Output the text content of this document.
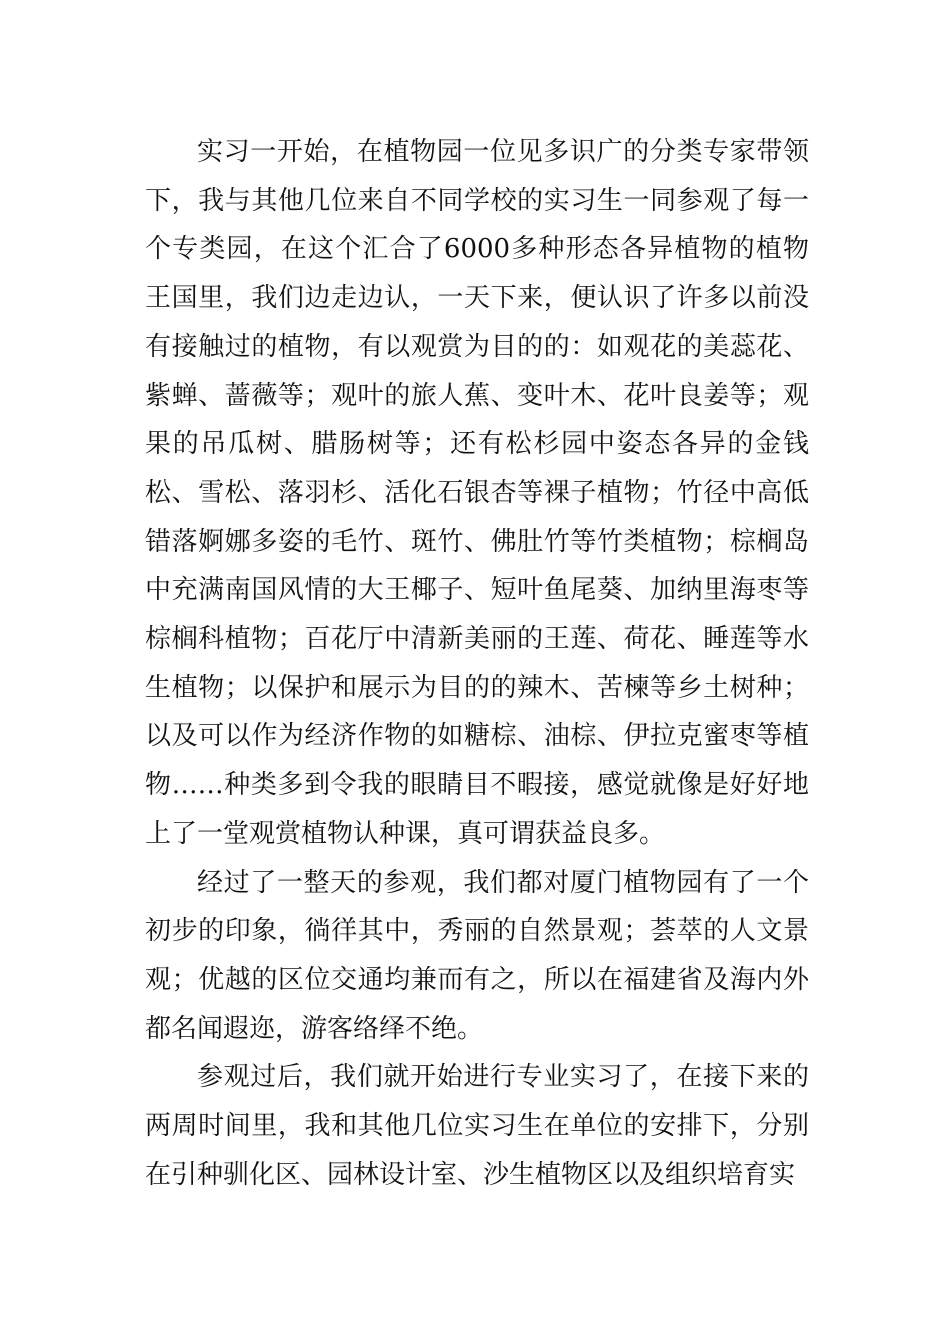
实习一开始，在植物园一位见多识广的分类专家带领下，我与其他几位来自不同学校的实习生一同参观了每一个专类园，在这个汇合了6000多种形态各异植物的植物王国里，我们边走边认，一天下来，便认识了许多以前没有接触过的植物，有以观赏为目的的：如观花的美蕊花、紫蝉、蔷薇等；观叶的旅人蕉、变叶木、花叶良姜等；观果的吊瓜树、腊肠树等；还有松杉园中姿态各异的金钱松、雪松、落羽杉、活化石银杏等裸子植物；竹径中高低错落婀娜多姿的毛竹、斑竹、佛肚竹等竹类植物；棕榈岛中充满南国风情的大王椰子、短叶鱼尾葵、加纳里海枣等棕榈科植物；百花厅中清新美丽的王莲、荷花、睡莲等水生植物；以保护和展示为目的的辣木、苦楝等乡土树种；以及可以作为经济作物的如糖棕、油棕、伊拉克蜜枣等植物……种类多到令我的眼睛目不暇接，感觉就像是好好地上了一堂观赏植物认种课，真可谓获益良多。

经过了一整天的参观，我们都对厦门植物园有了一个初步的印象，徜徉其中，秀丽的自然景观；荟萃的人文景观；优越的区位交通均兼而有之，所以在福建省及海内外都名闻遐迩，游客络绎不绝。

参观过后，我们就开始进行专业实习了，在接下来的两周时间里，我和其他几位实习生在单位的安排下，分别在引种驯化区、园林设计室、沙生植物区以及组织培育实
